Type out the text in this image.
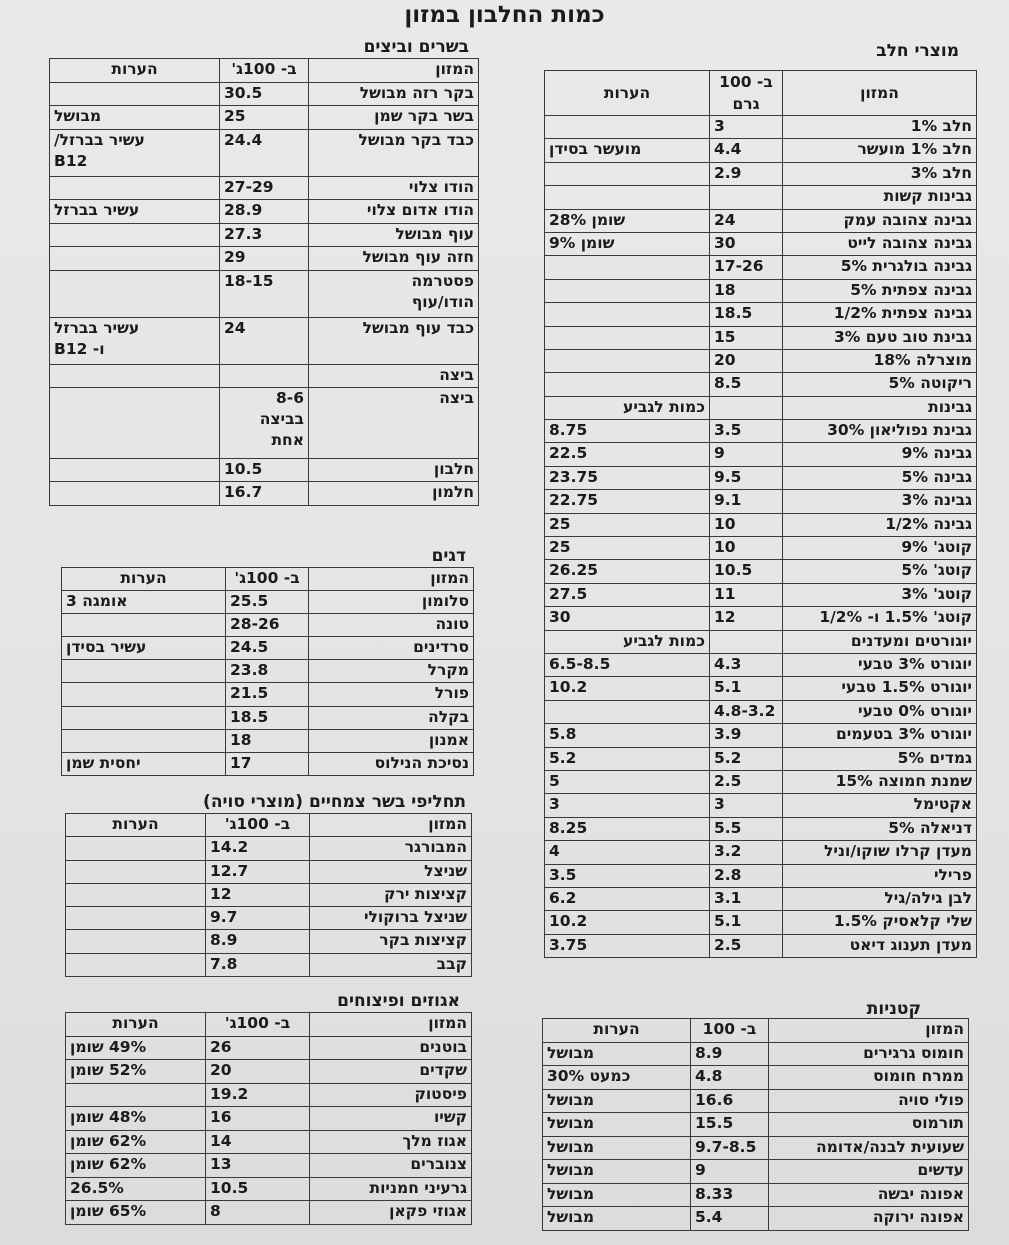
כמות החלבון במזון
מוצרי חלב
המזון	ב- 100 גרם	הערות
חלב 1%	3	
חלב 1% מועשר	4.4	מועשר בסידן
חלב 3%	2.9	
גבינות קשות		
גבינה צהובה עמק	24	שומן 28%
גבינה צהובה לייט	30	שומן 9%
גבינה בולגרית 5%	17-26	
גבינה צפתית 5%	18	
גבינה צפתית 1/2%	18.5	
גבינת טוב טעם 3%	15	
מוצרלה 18%	20	
ריקוטה 5%	8.5	
גבינות		כמות לגביע
גבינת נפוליאון 30%	3.5	8.75
גבינה 9%	9	22.5
גבינה 5%	9.5	23.75
גבינה 3%	9.1	22.75
גבינה 1/2%	10	25
קוטג' 9%	10	25
קוטג' 5%	10.5	26.25
קוטג' 3%	11	27.5
קוטג' 1.5% ו- 1/2%	12	30
יוגורטים ומעדנים		כמות לגביע
יוגורט 3% טבעי	4.3	6.5-8.5
יוגורט 1.5% טבעי	5.1	10.2
יוגורט 0% טבעי	4.8-3.2	
יוגורט 3% בטעמים	3.9	5.8
גמדים 5%	5.2	5.2
שמנת חמוצה 15%	2.5	5
אקטימל	3	3
דניאלה 5%	5.5	8.25
מעדן קרלו שוקו/וניל	3.2	4
פרילי	2.8	3.5
לבן גילה/גיל	3.1	6.2
שלי קלאסיק 1.5%	5.1	10.2
מעדן תענוג דיאט	2.5	3.75
בשרים וביצים
המזון	ב- 100ג'	הערות
בקר רזה מבושל	30.5	
בשר בקר שמן	25	מבושל
כבד בקר מבושל	24.4	עשיר בברזל/
B12

הודו צלוי	27-29	
הודו אדום צלוי	28.9	עשיר בברזל
עוף מבושל	27.3	
חזה עוף מבושל	29	

פסטרמה
הודו/עוף	18-15	
כבד עוף מבושל	24	עשיר בברזל
ו- B12

ביצה		
ביצה	8-6
בביצה
אחת	

חלבון	10.5	
חלמון	16.7	
דגים
המזון	ב- 100ג'	הערות
סלומון	25.5	אומגה 3
טונה	28-26	
סרדינים	24.5	עשיר בסידן
מקרל	23.8	
פורל	21.5	
בקלה	18.5	
אמנון	18	
נסיכת הנילוס	17	יחסית שמן
תחליפי בשר צמחיים (מוצרי סויה)
המזון	ב- 100ג'	הערות
המבורגר	14.2	
שניצל	12.7	
קציצות ירק	12	
שניצל ברוקולי	9.7	
קציצות בקר	8.9	
קבב	7.8	
אגוזים ופיצוחים
המזון	ב- 100ג'	הערות
בוטנים	26	49% שומן
שקדים	20	52% שומן
פיסטוק	19.2	
קשיו	16	48% שומן
אגוז מלך	14	62% שומן
צנוברים	13	62% שומן
גרעיני חמניות	10.5	26.5%
אגוזי פקאן	8	65% שומן
קטניות
המזון	ב- 100	הערות
חומוס גרגירים	8.9	מבושל
ממרח חומוס	4.8	כמעט 30%
פולי סויה	16.6	מבושל
תורמוס	15.5	מבושל
שעועית לבנה/אדומה	9.7-8.5	מבושל
עדשים	9	מבושל
אפונה יבשה	8.33	מבושל
אפונה ירוקה	5.4	מבושל
